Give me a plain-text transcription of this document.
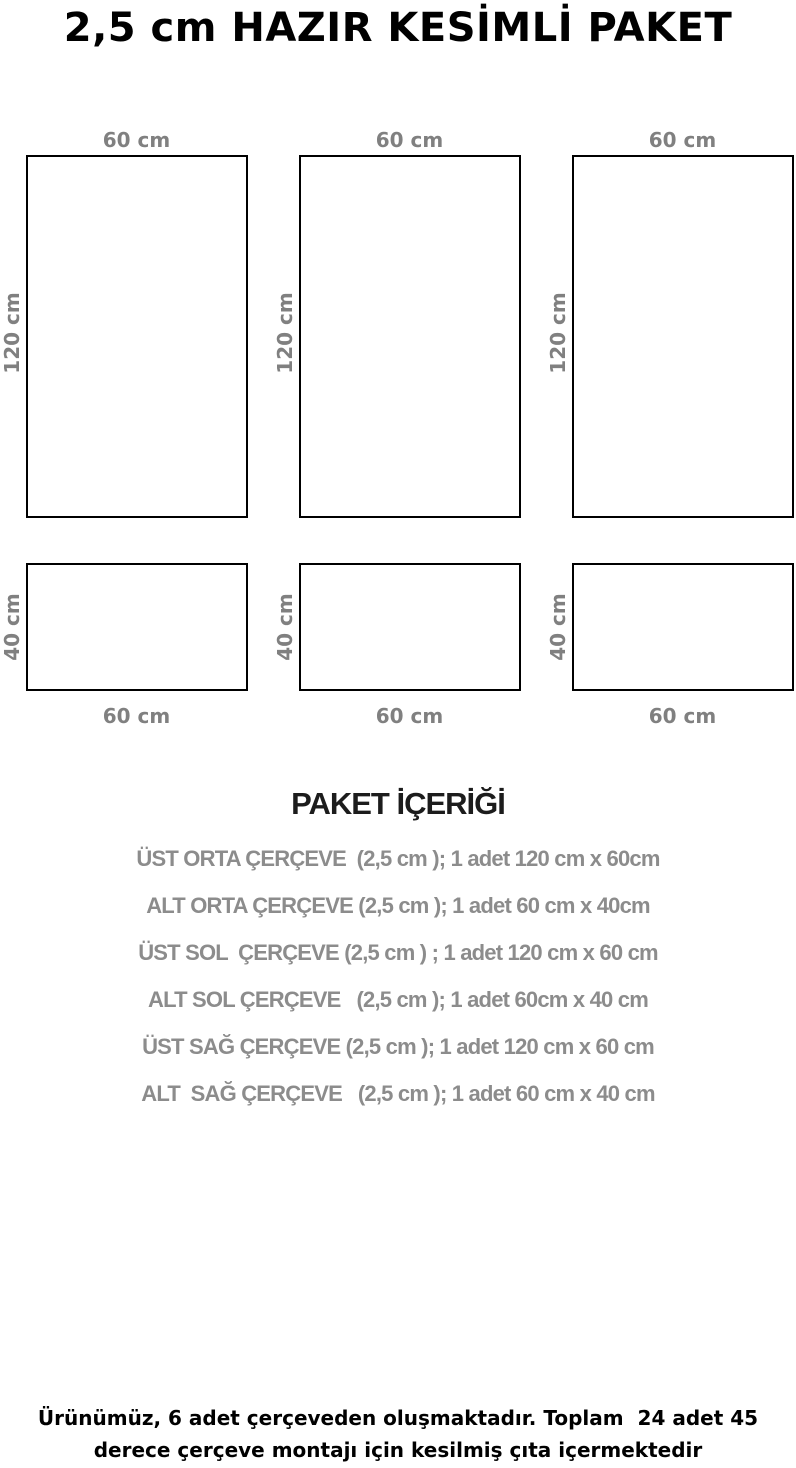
2,5 cm HAZIR KESİMLİ PAKET
60 cm	60 cm	60 cm
120 cm	120 cm	120 cm
40 cm	40 cm	40 cm
60 cm	60 cm	60 cm
PAKET İÇERİĞİ
ÜST ORTA ÇERÇEVE  (2,5 cm ); 1 adet 120 cm x 60cm
ALT ORTA ÇERÇEVE (2,5 cm ); 1 adet 60 cm x 40cm
ÜST SOL  ÇERÇEVE (2,5 cm ) ; 1 adet 120 cm x 60 cm
ALT SOL ÇERÇEVE   (2,5 cm ); 1 adet 60cm x 40 cm
ÜST SAĞ ÇERÇEVE (2,5 cm ); 1 adet 120 cm x 60 cm
ALT  SAĞ ÇERÇEVE   (2,5 cm ); 1 adet 60 cm x 40 cm
Ürünümüz, 6 adet çerçeveden oluşmaktadır. Toplam  24 adet 45
derece çerçeve montajı için kesilmiş çıta içermektedir
